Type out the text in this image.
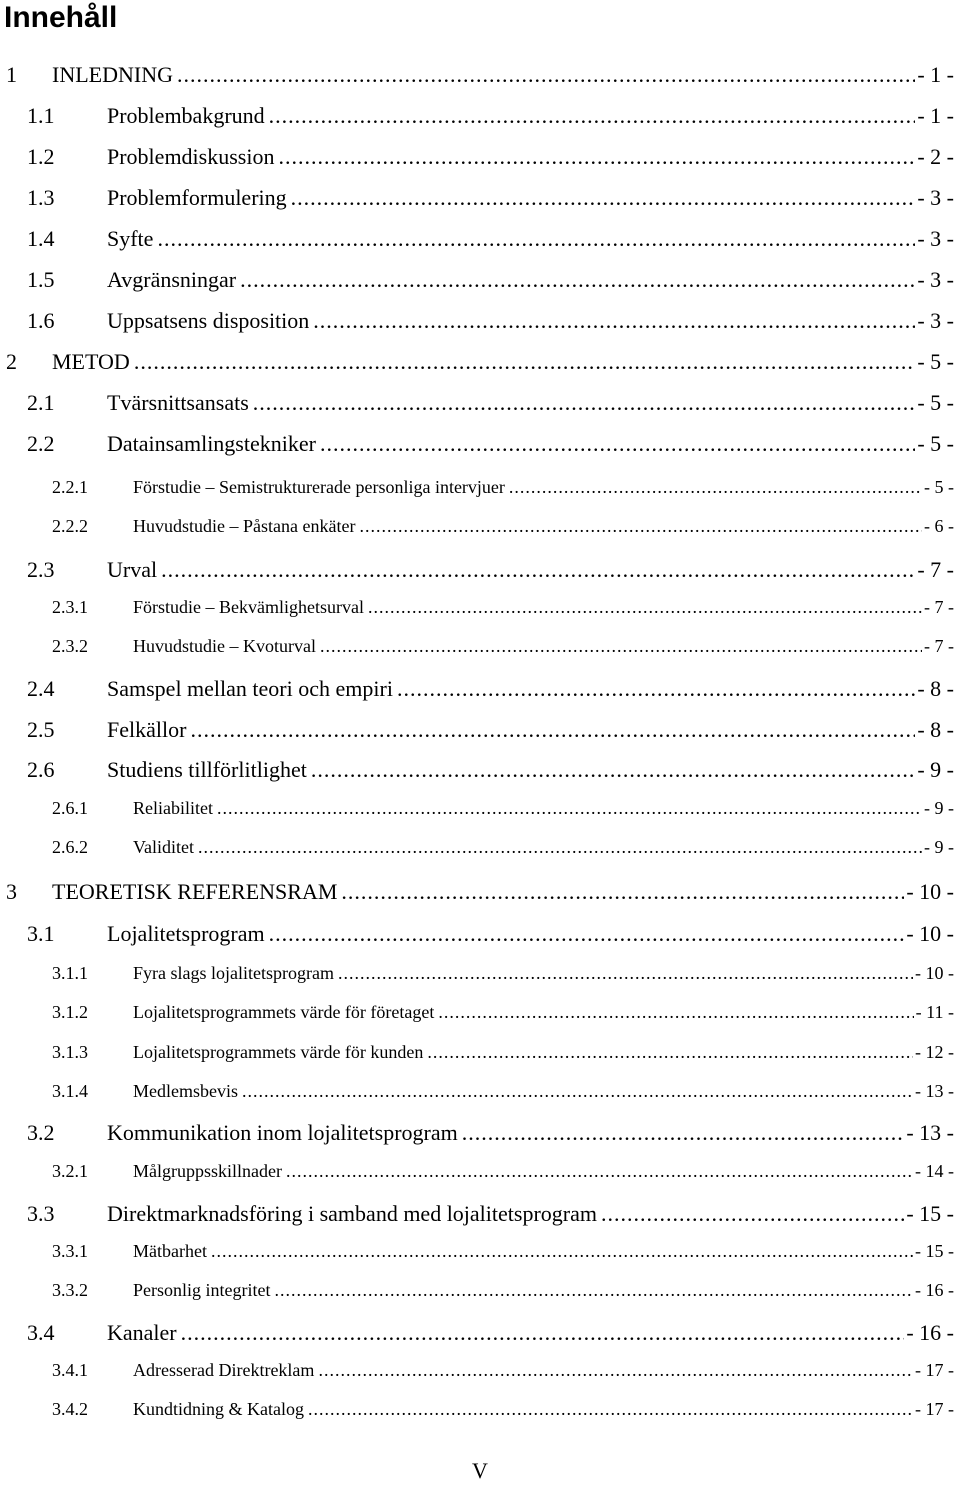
Innehåll
1 INLEDNING .....	- 1 -
1.1 Problembakgrund .....	- 1 -
1.2 Problemdiskussion .....	- 2 -
1.3 Problemformulering .....	- 3 -
1.4 Syfte .....	- 3 -
1.5 Avgränsningar .....	- 3 -
1.6 Uppsatsens disposition .....	- 3 -
2 METOD .....	- 5 -
2.1 Tvärsnittsansats .....	- 5 -
2.2 Datainsamlingstekniker .....	- 5 -
2.2.1	Förstudie – Semistrukturerade personliga intervjuer .....	- 5 -
2.2.2	Huvudstudie – Påstana enkäter .....	- 6 -
2.3 Urval .....	- 7 -
2.3.1	Förstudie – Bekvämlighetsurval .....	- 7 -
2.3.2	Huvudstudie – Kvoturval .....	- 7 -
2.4 Samspel mellan teori och empiri .....	- 8 -
2.5 Felkällor .....	- 8 -
2.6 Studiens tillförlitlighet .....	- 9 -
2.6.1	Reliabilitet .....	- 9 -
2.6.2	Validitet .....	- 9 -
3 TEORETISK REFERENSRAM .....	- 10 -
3.1 Lojalitetsprogram .....	- 10 -
3.1.1	Fyra slags lojalitetsprogram .....	- 10 -
3.1.2	Lojalitetsprogrammets värde för företaget .....	- 11 -
3.1.3	Lojalitetsprogrammets värde för kunden .....	- 12 -
3.1.4	Medlemsbevis .....	- 13 -
3.2 Kommunikation inom lojalitetsprogram .....	- 13 -
3.2.1	Målgruppsskillnader .....	- 14 -
3.3 Direktmarknadsföring i samband med lojalitetsprogram .....	- 15 -
3.3.1	Mätbarhet .....	- 15 -
3.3.2	Personlig integritet .....	- 16 -
3.4 Kanaler .....	- 16 -
3.4.1	Adresserad Direktreklam .....	- 17 -
3.4.2	Kundtidning & Katalog .....	- 17 -
V
